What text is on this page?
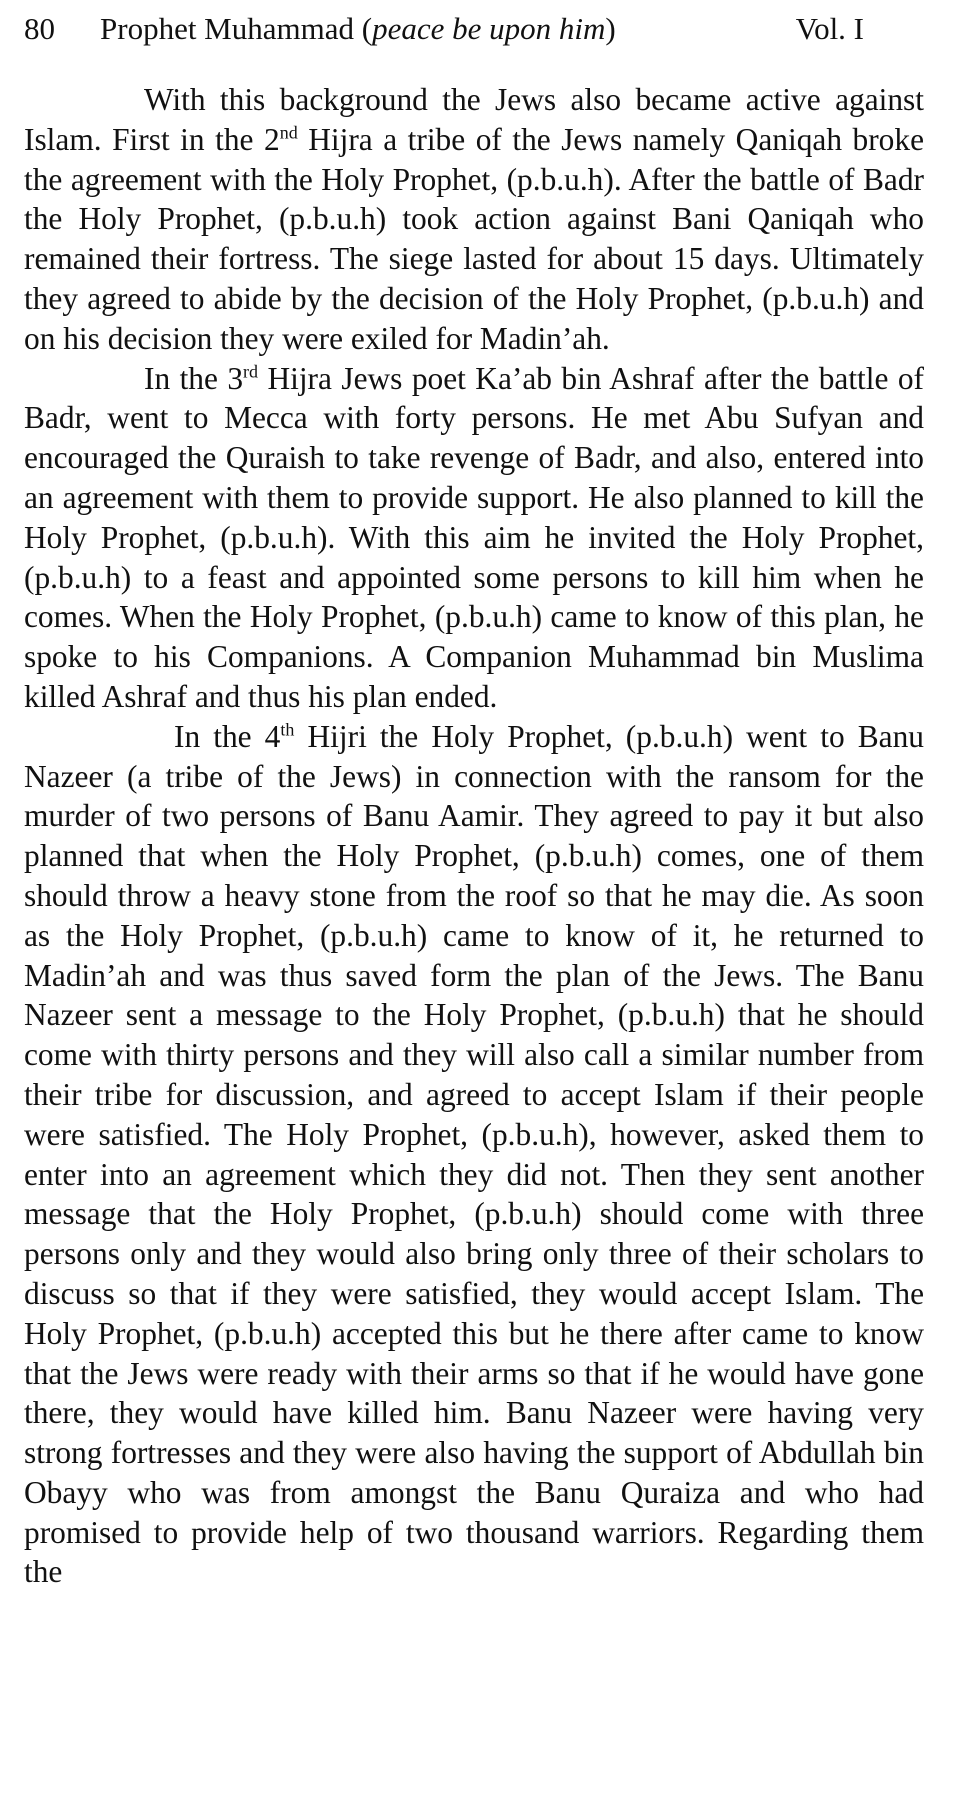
80 Prophet Muhammad (peace be upon him)	Vol. I

With this background the Jews also became active against Islam. First in the 2nd Hijra a tribe of the Jews namely Qaniqah broke the agreement with the Holy Prophet, (p.b.u.h). After the battle of Badr the Holy Prophet, (p.b.u.h) took action against Bani Qaniqah who remained their fortress. The siege lasted for about 15 days. Ultimately they agreed to abide by the decision of the Holy Prophet, (p.b.u.h) and on his decision they were exiled for Madin’ah.

In the 3rd Hijra Jews poet Ka’ab bin Ashraf after the battle of Badr, went to Mecca with forty persons. He met Abu Sufyan and encouraged the Quraish to take revenge of Badr, and also, entered into an agreement with them to provide support. He also planned to kill the Holy Prophet, (p.b.u.h). With this aim he invited the Holy Prophet, (p.b.u.h) to a feast and appointed some persons to kill him when he comes. When the Holy Prophet, (p.b.u.h) came to know of this plan, he spoke to his Companions. A Companion Muhammad bin Muslima killed Ashraf and thus his plan ended.

In the 4th Hijri the Holy Prophet, (p.b.u.h) went to Banu Nazeer (a tribe of the Jews) in connection with the ransom for the murder of two persons of Banu Aamir. They agreed to pay it but also planned that when the Holy Prophet, (p.b.u.h) comes, one of them should throw a heavy stone from the roof so that he may die. As soon as the Holy Prophet, (p.b.u.h) came to know of it, he returned to Madin’ah and was thus saved form the plan of the Jews. The Banu Nazeer sent a message to the Holy Prophet, (p.b.u.h) that he should come with thirty persons and they will also call a similar number from their tribe for discussion, and agreed to accept Islam if their people were satisfied. The Holy Prophet, (p.b.u.h), however, asked them to enter into an agreement which they did not. Then they sent another message that the Holy Prophet, (p.b.u.h) should come with three persons only and they would also bring only three of their scholars to discuss so that if they were satisfied, they would accept Islam. The Holy Prophet, (p.b.u.h) accepted this but he there after came to know that the Jews were ready with their arms so that if he would have gone there, they would have killed him. Banu Nazeer were having very strong fortresses and they were also having the support of Abdullah bin Obayy who was from amongst the Banu Quraiza and who had promised to provide help of two thousand warriors. Regarding them the
